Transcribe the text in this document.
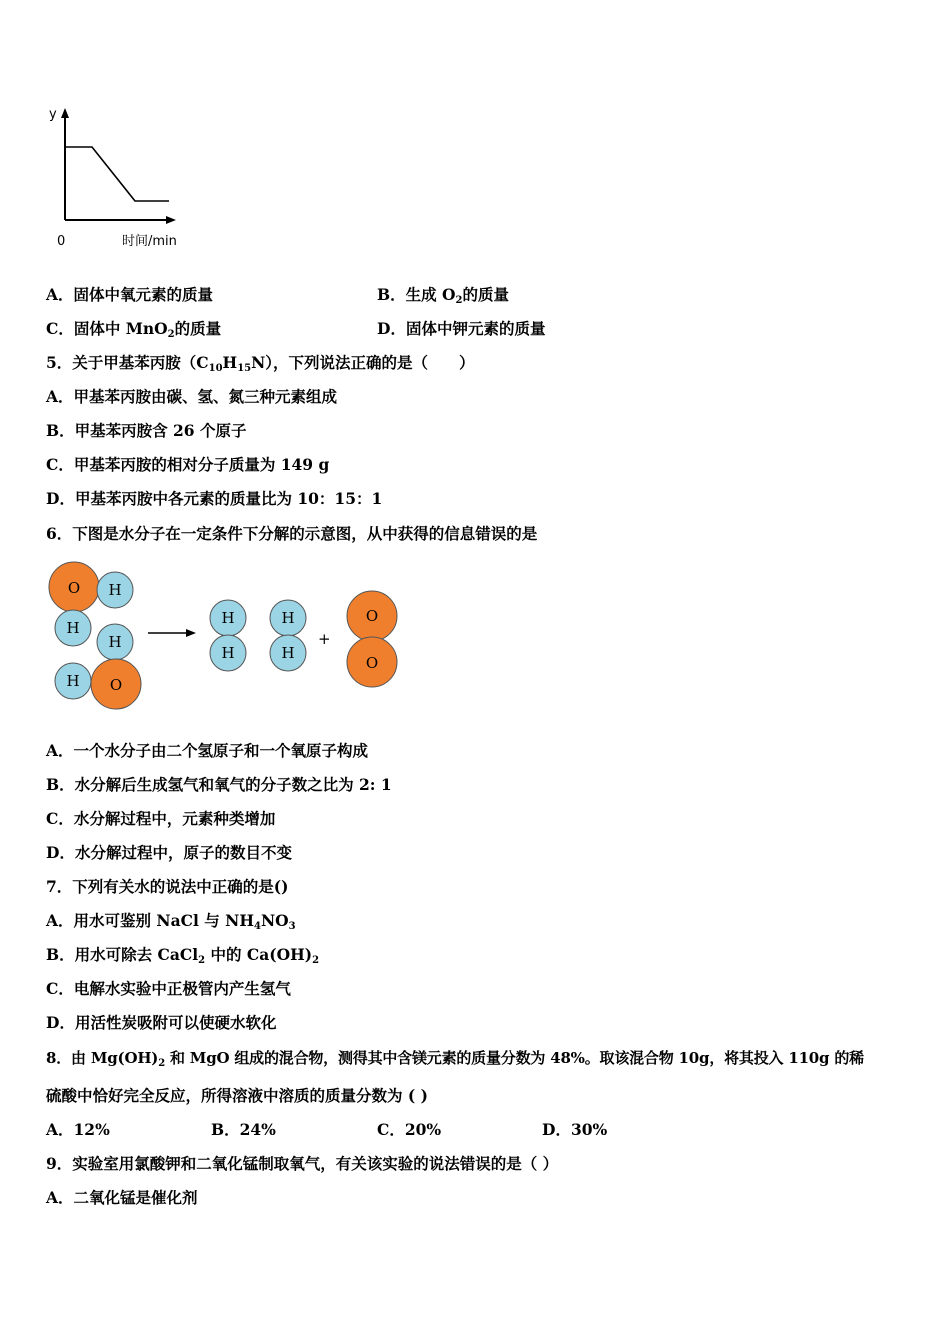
y
0	时间/min
A．固体中氧元素的质量	B．生成 $O_2$的质量
C．固体中 MnO$_2$的质量	D．固体中钾元素的质量
5．关于甲基苯丙胺$(C_{10}H_{15}N)$，下列说法正确的是（　　）
A．甲基苯丙胺由碳、氢、氮三种元素组成
B．甲基苯丙胺含 26 个原子
C．甲基苯丙胺的相对分子质量为 149 g
D．甲基苯丙胺中各元素的质量比为 10：15：1
6．下图是水分子在一定条件下分解的示意图，从中获得的信息错误的是
+
O H
H
H
H O
H
H
H
H
O
O
A．一个水分子由二个氢原子和一个氧原子构成
B．水分解后生成氢气和氧气的分子数之比为 2: 1
C．水分解过程中，元素种类增加
D．水分解过程中，原子的数目不变
7．下列有关水的说法中正确的是()
A．用水可鉴别 NaCl 与 $NH_4NO_3$
B．用水可除去 CaCl$_2$ 中的 $Ca(OH)_2$
C．电解水实验中正极管内产生氢气
D．用活性炭吸附可以使硬水软化
8．由 $Mg(OH)_2$ 和 MgO 组成的混合物，测得其中含镁元素的质量分数为 48%。取该混合物 10g，将其投入 110g 的稀
硫酸中恰好完全反应，所得溶液中溶质的质量分数为 ( )
A．12%	B．24%	C．20%	D．30%
9．实验室用氯酸钾和二氧化锰制取氧气，有关该实验的说法错误的是（ ）
A．二氧化锰是催化剂
